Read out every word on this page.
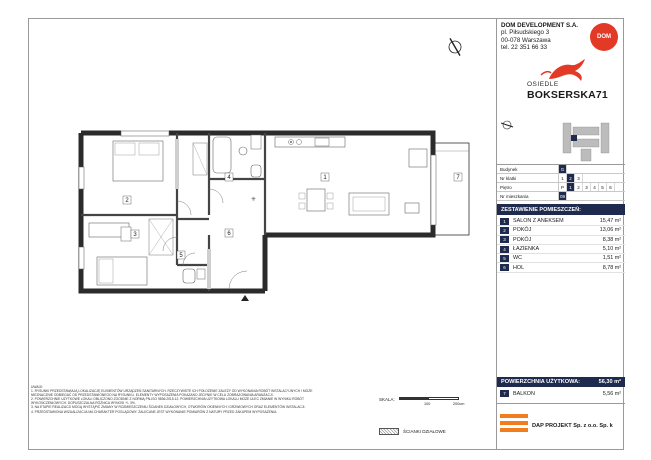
✳
1
2
3
4
5
6
7
UWAGI:
1. RYSUNKI PRZEDSTAWIAJĄ LOKALIZACJĘ ELEMENTÓW URZĄDZEŃ SANITARNYCH. RZECZYWISTE ICH POŁOŻENIE ZALEŻY OD WYKONANIA ROBÓT INSTALACYJNYCH I MOŻE
NIEZNACZNIE ODBIEGAĆ OD PRZEDSTAWIONEGO NA RYSUNKU. ELEMENTY WYPOSAŻENIA POKAZANO JEDYNIE W CELU ZOBRAZOWANIA ARANŻACJI.
2. POWIERZCHNIE UŻYTKOWE LOKALI OBLICZONO ZGODNIE Z NORMĄ PN-ISO 9836:2015-12. POWIERZCHNIA UŻYTKOWA LOKALU MOŻE ULEC ZMIANIE W WYNIKU ROBÓT
WYKOŃCZENIOWYCH. DOPUSZCZALNA RÓŻNICA WYNOSI +/- 3%.
3. NA ETAPIE REALIZACJI MOGĄ WYSTĄPIĆ ZMIANY W ROZMIESZCZENIU ŚCIANEK DZIAŁOWYCH, OTWORÓW OKIENNYCH I DRZWIOWYCH ORAZ ELEMENTÓW INSTALACJI.
4. PRZEDSTAWIONA WIZUALIZACJA MA CHARAKTER POGLĄDOWY. ZALECANE JEST WYKONANIE POMIARÓW Z NATURY PRZED ZAKUPEM WYPOSAŻENIA.
SKALA:
100	200cm
ŚCIANKI DZIAŁOWE
DOM DEVELOPMENT S.A.
pl. Piłsudskiego 3
00-078 Warszawa
tel. 22 351 66 33
DOM
OSIEDLE
BOKSERSKA71
Budynek	G
Nr klatki	1	2	3
Piętro	P	1	2	3	4	5	6
Nr mieszkania	09
ZESTAWIENIE POMIESZCZEŃ:
1	SALON Z ANEKSEM	15,47 m²
2	POKÓJ	13,06 m²
3	POKÓJ	8,38 m²
4	ŁAZIENKA	5,10 m²
5	WC	1,51 m²
6	HOL	8,78 m²
POWIERZCHNIA UŻYTKOWA:	56,30 m²
7	BALKON	5,56 m²
DAP PROJEKT Sp. z o.o. Sp. k
